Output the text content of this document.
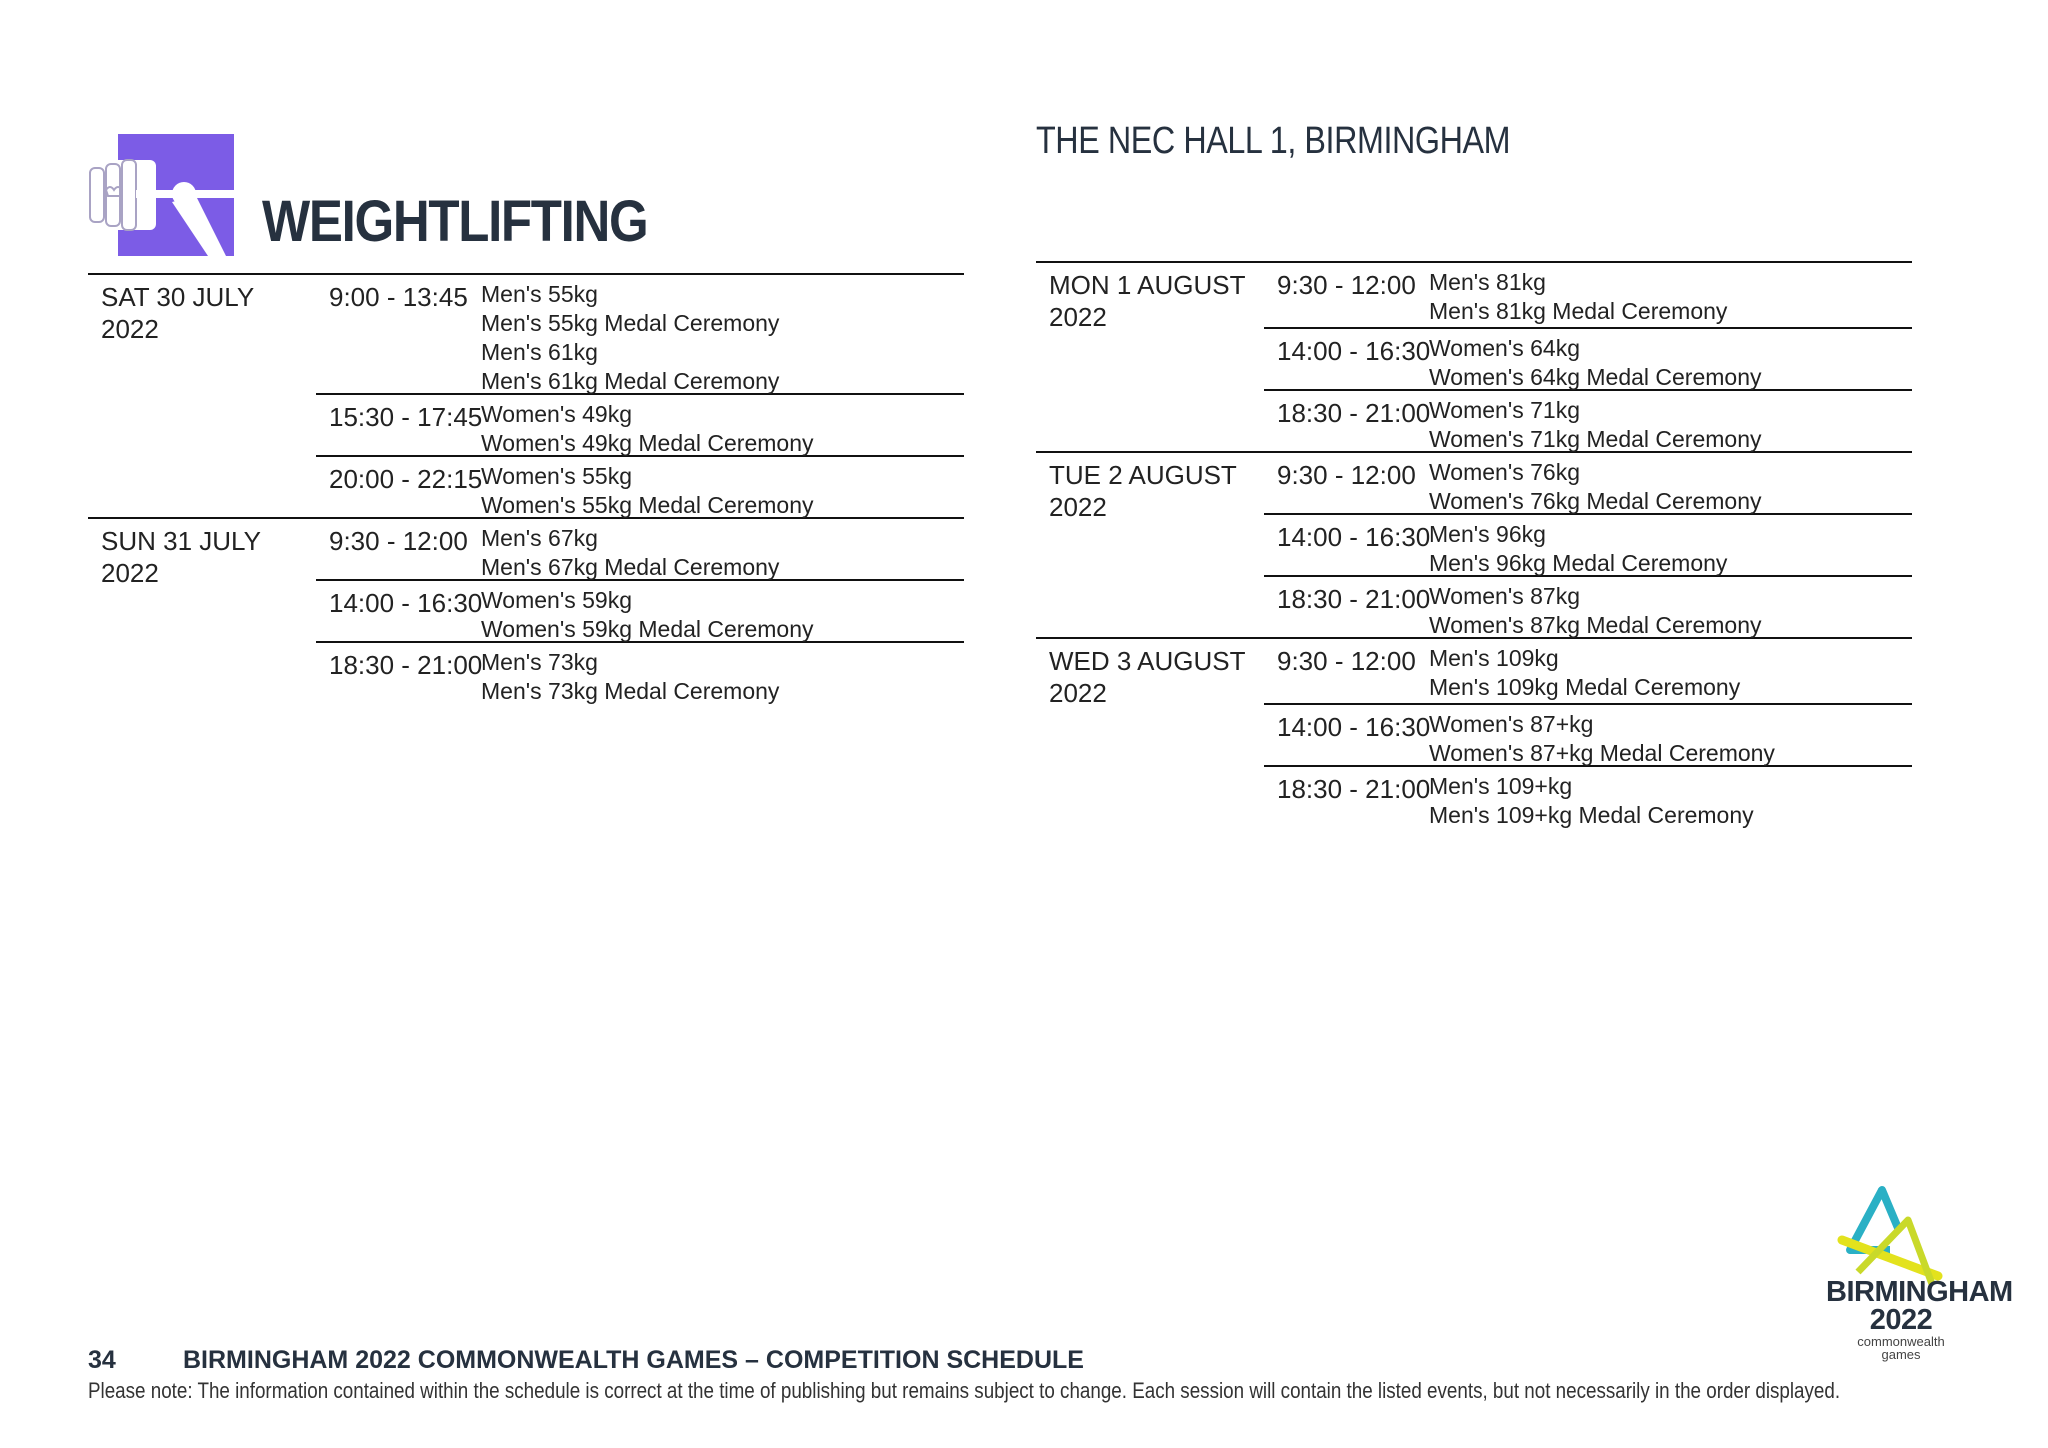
WEIGHTLIFTING
THE NEC HALL 1, BIRMINGHAM
SAT 30 JULY 2022
9:00 - 13:45 Men's 55kg
Men's 55kg Medal Ceremony
Men's 61kg
Men's 61kg Medal Ceremony
15:30 - 17:45
Women's 49kg
Women's 49kg Medal Ceremony
20:00 - 22:15
Women's 55kg
Women's 55kg Medal Ceremony
SUN 31 JULY 2022
9:30 - 12:00 Men's 67kg
Men's 67kg Medal Ceremony
14:00 - 16:30
Women's 59kg
Women's 59kg Medal Ceremony
18:30 - 21:00
Men's 73kg
Men's 73kg Medal Ceremony
MON 1 AUGUST 2022
9:30 - 12:00 Men's 81kg
Men's 81kg Medal Ceremony
14:00 - 16:30
Women's 64kg
Women's 64kg Medal Ceremony
18:30 - 21:00
Women's 71kg
Women's 71kg Medal Ceremony
TUE 2 AUGUST 2022
9:30 - 12:00 Women's 76kg
Women's 76kg Medal Ceremony
14:00 - 16:30
Men's 96kg
Men's 96kg Medal Ceremony
18:30 - 21:00
Women's 87kg
Women's 87kg Medal Ceremony
WED 3 AUGUST 2022
9:30 - 12:00 Men's 109kg
Men's 109kg Medal Ceremony
14:00 - 16:30
Women's 87+kg
Women's 87+kg Medal Ceremony
18:30 - 21:00
Men's 109+kg
Men's 109+kg Medal Ceremony
BIRMINGHAM
2022
commonwealth
games
34	BIRMINGHAM 2022 COMMONWEALTH GAMES – COMPETITION SCHEDULE
Please note: The information contained within the schedule is correct at the time of publishing but remains subject to change. Each session will contain the listed events, but not necessarily in the order displayed.
